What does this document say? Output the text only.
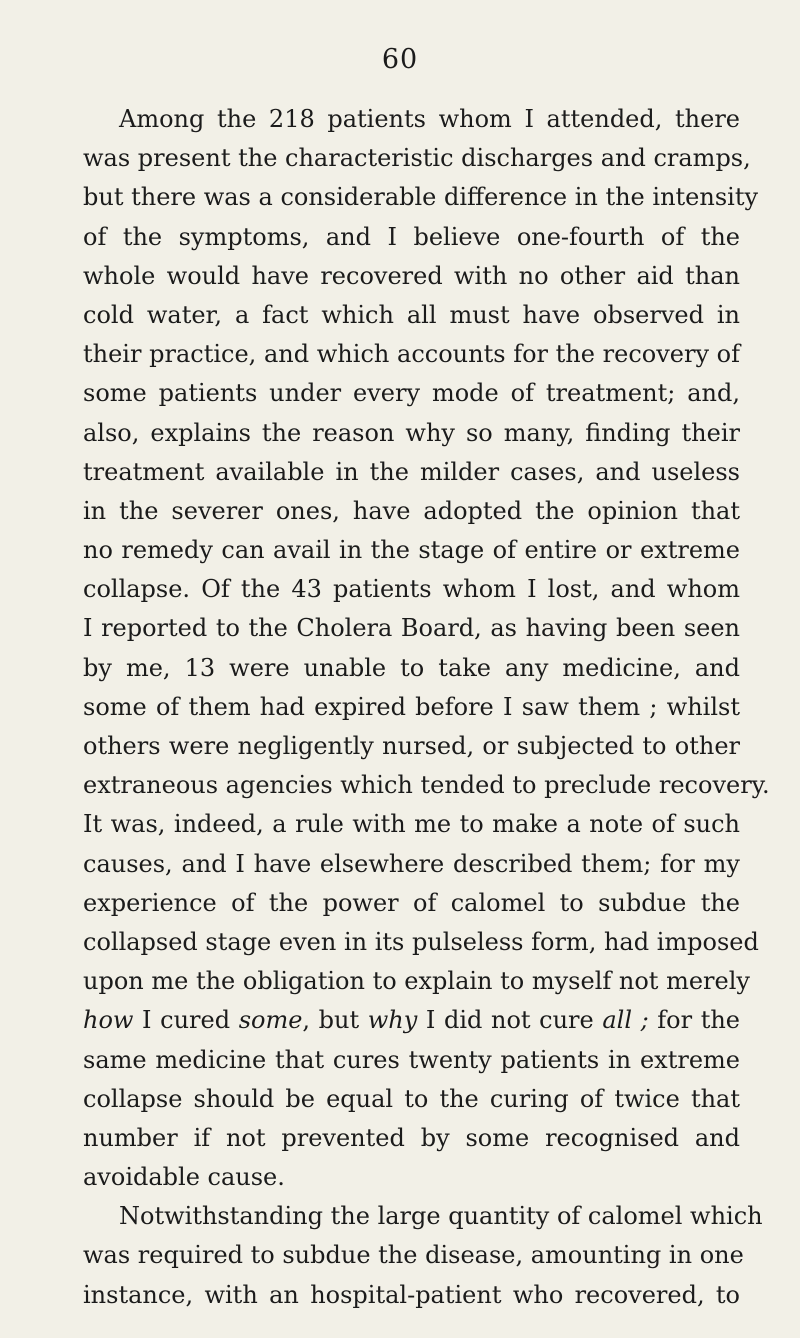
60
Among the 218 patients whom I attended, there
was present the characteristic discharges and cramps,
but there was a considerable difference in the intensity
of the symptoms, and I believe one-fourth of the
whole would have recovered with no other aid than
cold water, a fact which all must have observed in
their practice, and which accounts for the recovery of
some patients under every mode of treatment; and,
also, explains the reason why so many, finding their
treatment available in the milder cases, and useless
in the severer ones, have adopted the opinion that
no remedy can avail in the stage of entire or extreme
collapse. Of the 43 patients whom I lost, and whom
I reported to the Cholera Board, as having been seen
by me, 13 were unable to take any medicine, and
some of them had expired before I saw them ; whilst
others were negligently nursed, or subjected to other
extraneous agencies which tended to preclude recovery.
It was, indeed, a rule with me to make a note of such
causes, and I have elsewhere described them; for my
experience of the power of calomel to subdue the
collapsed stage even in its pulseless form, had imposed
upon me the obligation to explain to myself not merely
how I cured some, but why I did not cure all ; for the
same medicine that cures twenty patients in extreme
collapse should be equal to the curing of twice that
number if not prevented by some recognised and
avoidable cause.
Notwithstanding the large quantity of calomel which
was required to subdue the disease, amounting in one
instance, with an hospital-patient who recovered, to
